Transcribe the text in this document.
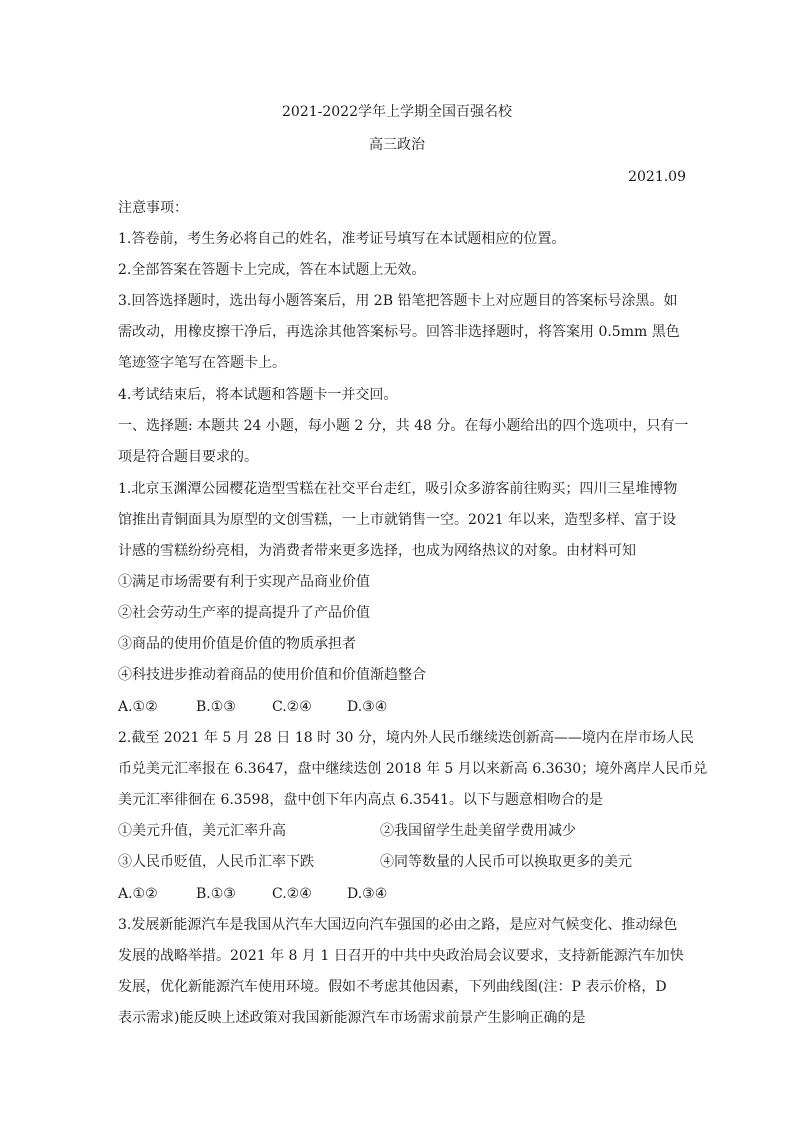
2021-2022学年上学期全国百强名校
高三政治
2021.09
注意事项：
1.答卷前，考生务必将自己的姓名，准考证号填写在本试题相应的位置。
2.全部答案在答题卡上完成，答在本试题上无效。
3.回答选择题时，选出每小题答案后，用 2B 铅笔把答题卡上对应题目的答案标号涂黑。如
需改动，用橡皮擦干净后，再选涂其他答案标号。回答非选择题时，将答案用 0.5mm 黑色
笔迹签字笔写在答题卡上。
4.考试结束后，将本试题和答题卡一并交回。
一、选择题: 本题共 24 小题，每小题 2 分，共 48 分。在每小题给出的四个选项中，只有一
项是符合题目要求的。
1.北京玉渊潭公园樱花造型雪糕在社交平台走红，吸引众多游客前往购买；四川三星堆博物
馆推出青铜面具为原型的文创雪糕，一上市就销售一空。2021 年以来，造型多样、富于设
计感的雪糕纷纷亮相，为消费者带来更多选择，也成为网络热议的对象。由材料可知
①满足市场需要有利于实现产品商业价值
②社会劳动生产率的提高提升了产品价值
③商品的使用价值是价值的物质承担者
④科技进步推动着商品的使用价值和价值渐趋整合
A.①②	B.①③	C.②④	D.③④
2.截至 2021 年 5 月 28 日 18 时 30 分，境内外人民币继续迭创新高——境内在岸市场人民
币兑美元汇率报在 6.3647，盘中继续迭创 2018 年 5 月以来新高 6.3630；境外离岸人民币兑
美元汇率徘徊在 6.3598，盘中创下年内高点 6.3541。以下与题意相吻合的是
①美元升值，美元汇率升高	②我国留学生赴美留学费用减少
③人民币贬值，人民币汇率下跌	④同等数量的人民币可以换取更多的美元
A.①②	B.①③	C.②④	D.③④
3.发展新能源汽车是我国从汽车大国迈向汽车强国的必由之路，是应对气候变化、推动绿色
发展的战略举措。2021 年 8 月 1 日召开的中共中央政治局会议要求，支持新能源汽车加快
发展，优化新能源汽车使用环境。假如不考虑其他因素，下列曲线图(注：P 表示价格，D
表示需求)能反映上述政策对我国新能源汽车市场需求前景产生影响正确的是
